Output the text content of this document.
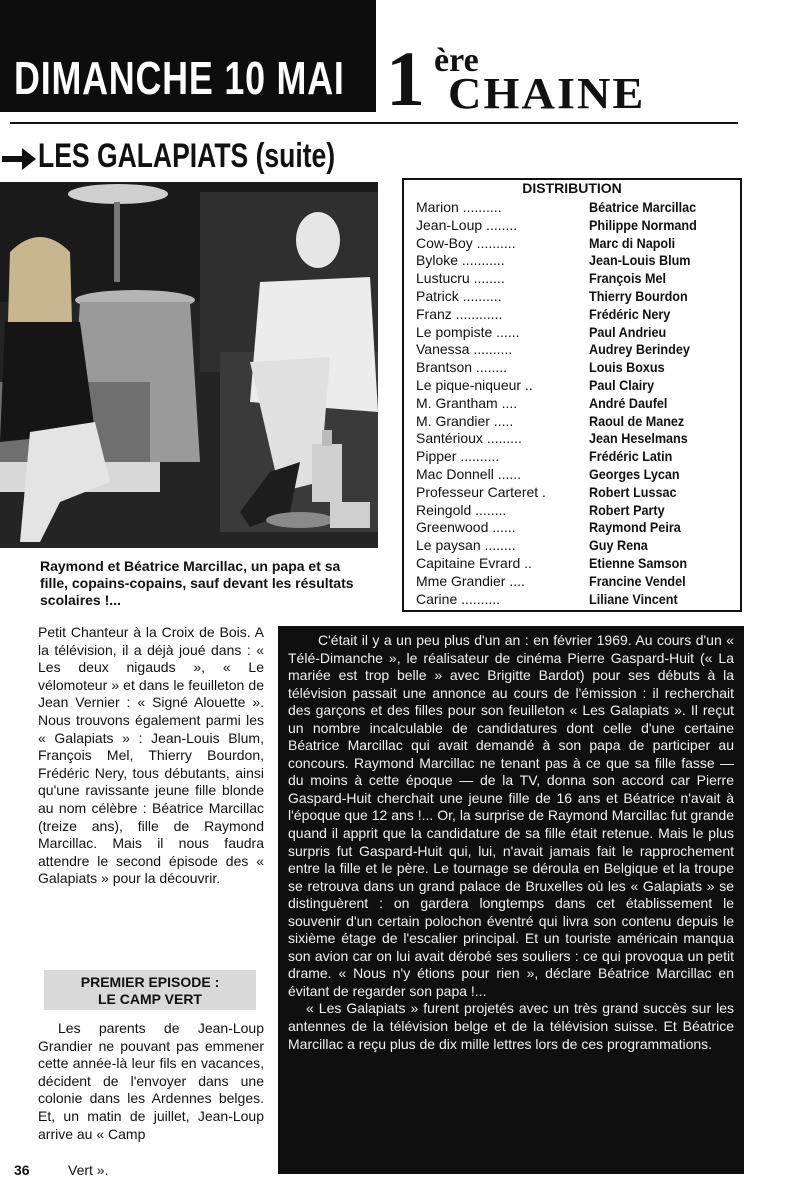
DIMANCHE 10 MAI 1 ère
CHAINE
LES GALAPIATS (suite)
Raymond et Béatrice Marcillac, un papa et sa fille, copains-copains, sauf devant les résultats scolaires !...
DISTRIBUTION
Marion ..........	Béatrice Marcillac
Jean-Loup ........	Philippe Normand
Cow-Boy ..........	Marc di Napoli
Byloke ...........	Jean-Louis Blum
Lustucru ........	François Mel
Patrick ..........	Thierry Bourdon
Franz ............	Frédéric Nery
Le pompiste ......	Paul Andrieu
Vanessa ..........	Audrey Berindey
Brantson ........	Louis Boxus
Le pique-niqueur ..	Paul Clairy
M. Grantham ....	André Daufel
M. Grandier .....	Raoul de Manez
Santérioux .........	Jean Heselmans
Pipper ..........	Frédéric Latin
Mac Donnell ......	Georges Lycan
Professeur Carteret .	Robert Lussac
Reingold ........	Robert Party
Greenwood ......	Raymond Peira
Le paysan ........	Guy Rena
Capitaine Evrard ..	Etienne Samson
Mme Grandier ....	Francine Vendel
Carine ..........	Liliane Vincent

Petit Chanteur à la Croix de Bois. A la télévision, il a déjà joué dans : « Les deux nigauds », « Le vélomoteur » et dans le feuilleton de Jean Vernier : « Signé Alouette ». Nous trouvons également parmi les « Galapiats » : Jean-Louis Blum, François Mel, Thierry Bourdon, Frédéric Nery, tous débutants, ainsi qu'une ravissante jeune fille blonde au nom célèbre : Béatrice Marcillac (treize ans), fille de Raymond Marcillac. Mais il nous faudra attendre le second épisode des « Galapiats » pour la découvrir.

PREMIER EPISODE :
LE CAMP VERT

Les parents de Jean-Loup Grandier ne pouvant pas emmener cette année-là leur fils en vacances, décident de l'envoyer dans une colonie dans les Ardennes belges. Et, un matin de juillet, Jean-Loup arrive au « Camp

36	Vert ».

C'était il y a un peu plus d'un an : en février 1969. Au cours d'un « Télé-Dimanche », le réalisateur de cinéma Pierre Gaspard-Huit (« La mariée est trop belle » avec Brigitte Bardot) pour ses débuts à la télévision passait une annonce au cours de l'émission : il recherchait des garçons et des filles pour son feuilleton « Les Galapiats ». Il reçut un nombre incalculable de candidatures dont celle d'une certaine Béatrice Marcillac qui avait demandé à son papa de participer au concours. Raymond Marcillac ne tenant pas à ce que sa fille fasse — du moins à cette époque — de la TV, donna son accord car Pierre Gaspard-Huit cherchait une jeune fille de 16 ans et Béatrice n'avait à l'époque que 12 ans !... Or, la surprise de Raymond Marcillac fut grande quand il apprit que la candidature de sa fille était retenue. Mais le plus surpris fut Gaspard-Huit qui, lui, n'avait jamais fait le rapprochement entre la fille et le père. Le tournage se déroula en Belgique et la troupe se retrouva dans un grand palace de Bruxelles où les « Galapiats » se distinguèrent : on gardera longtemps dans cet établissement le souvenir d'un certain polochon éventré qui livra son contenu depuis le sixième étage de l'escalier principal. Et un touriste américain manqua son avion car on lui avait dérobé ses souliers : ce qui provoqua un petit drame. « Nous n'y étions pour rien », déclare Béatrice Marcillac en évitant de regarder son papa !...

« Les Galapiats » furent projetés avec un très grand succès sur les antennes de la télévision belge et de la télévision suisse. Et Béatrice Marcillac a reçu plus de dix mille lettres lors de ces programmations.
